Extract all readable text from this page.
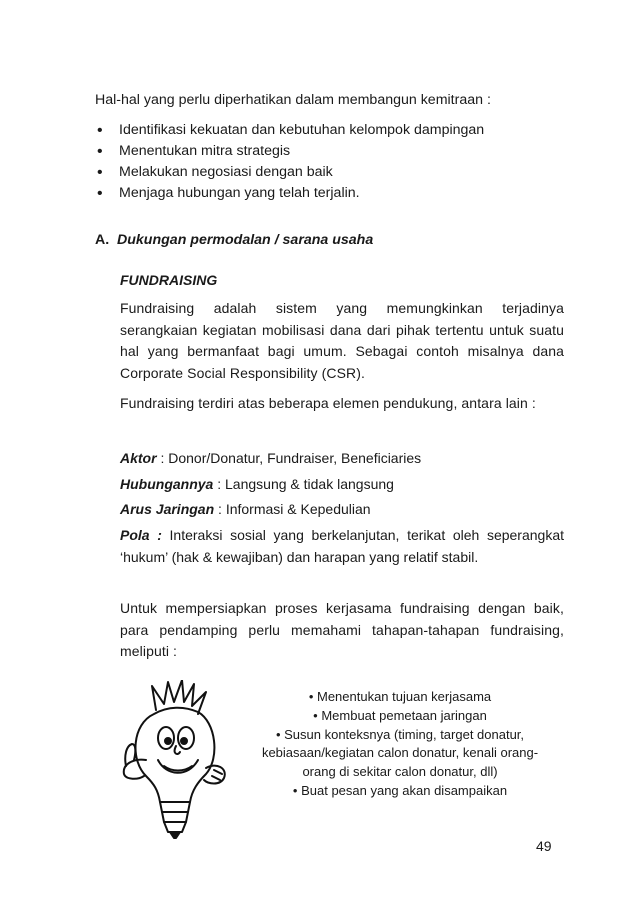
Hal-hal yang perlu diperhatikan dalam membangun kemitraan :
• Identifikasi kekuatan dan kebutuhan kelompok dampingan
• Menentukan mitra strategis
• Melakukan negosiasi dengan baik
• Menjaga hubungan yang telah terjalin.
A. Dukungan permodalan / sarana usaha
FUNDRAISING
Fundraising adalah sistem yang memungkinkan terjadinya serangkaian kegiatan mobilisasi dana dari pihak tertentu untuk suatu hal yang bermanfaat bagi umum. Sebagai contoh misalnya dana Corporate Social Responsibility (CSR).
Fundraising terdiri atas beberapa elemen pendukung, antara lain :
Aktor : Donor/Donatur, Fundraiser, Beneficiaries
Hubungannya : Langsung & tidak langsung
Arus Jaringan : Informasi & Kepedulian
Pola : Interaksi sosial yang berkelanjutan, terikat oleh seperangkat ‘hukum’ (hak & kewajiban) dan harapan yang relatif stabil.
Untuk mempersiapkan proses kerjasama fundraising dengan baik, para pendamping perlu memahami tahapan-tahapan fundraising, meliputi :
• Menentukan tujuan kerjasama
• Membuat pemetaan jaringan
• Susun konteksnya (timing, target donatur,
kebiasaan/kegiatan calon donatur, kenali orang-
orang di sekitar calon donatur, dll)
• Buat pesan yang akan disampaikan
49
